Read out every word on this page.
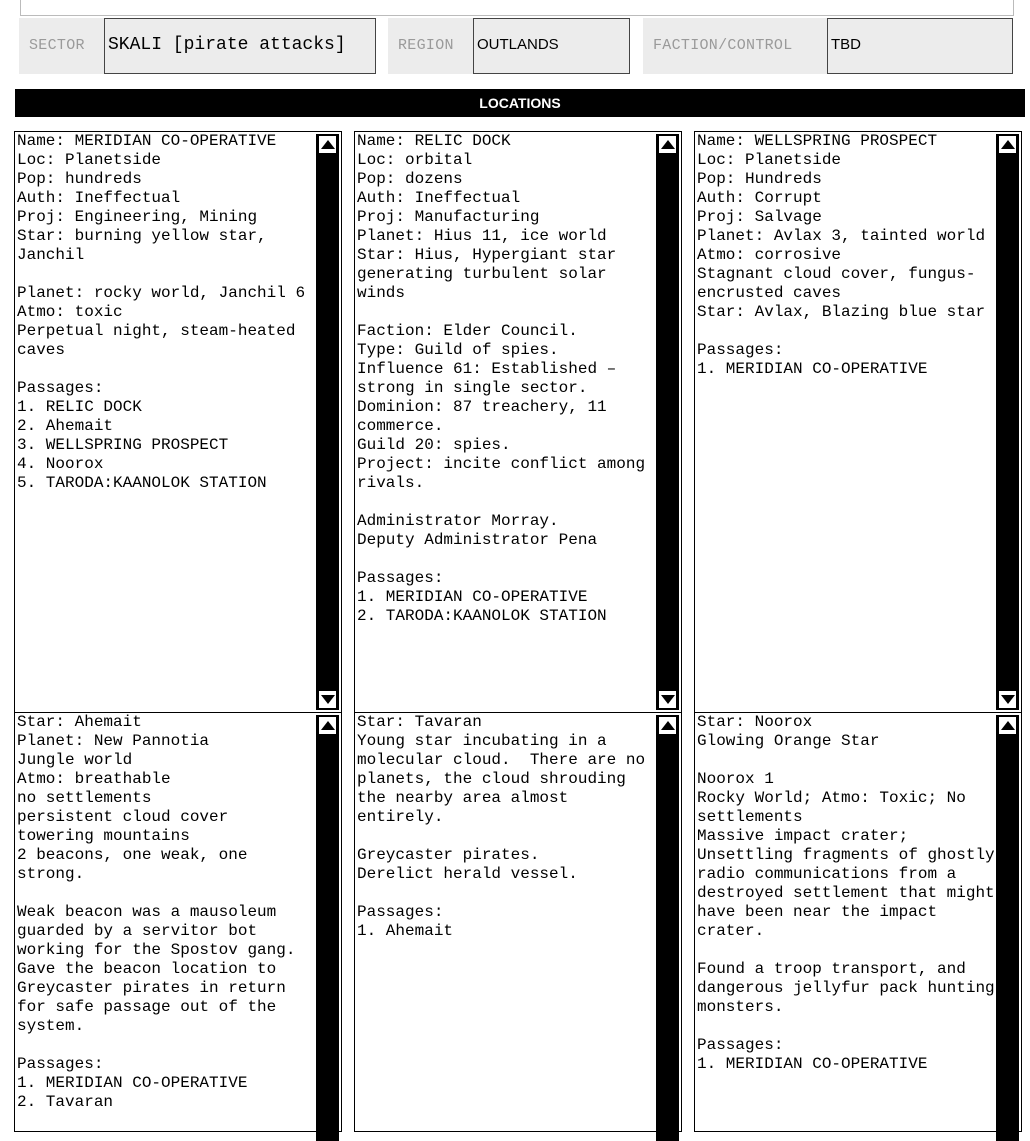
SECTOR SKALI [pirate attacks]	REGION OUTLANDS	FACTION/CONTROL	TBD
LOCATIONS
Name: MERIDIAN CO-OPERATIVE
Loc: Planetside
Pop: hundreds
Auth: Ineffectual
Proj: Engineering, Mining
Star: burning yellow star, Janchil

Planet: rocky world, Janchil 6
Atmo: toxic
Perpetual night, steam-heated caves

Passages:
1. RELIC DOCK
2. Ahemait
3. WELLSPRING PROSPECT
4. Noorox
5. TARODA:KAANOLOK STATION
Name: RELIC DOCK
Loc: orbital
Pop: dozens
Auth: Ineffectual
Proj: Manufacturing
Planet: Hius 11, ice world
Star: Hius, Hypergiant star generating turbulent solar winds

Faction: Elder Council.
Type: Guild of spies.
Influence 61: Established – strong in single sector.
Dominion: 87 treachery, 11 commerce.
Guild 20: spies.
Project: incite conflict among rivals.

Administrator Morray.
Deputy Administrator Pena

Passages:
1. MERIDIAN CO-OPERATIVE
2. TARODA:KAANOLOK STATION
Name: WELLSPRING PROSPECT
Loc: Planetside
Pop: Hundreds
Auth: Corrupt
Proj: Salvage
Planet: Avlax 3, tainted world
Atmo: corrosive
Stagnant cloud cover, fungus-encrusted caves
Star: Avlax, Blazing blue star

Passages:
1. MERIDIAN CO-OPERATIVE
Star: Ahemait
Planet: New Pannotia
Jungle world
Atmo: breathable
no settlements
persistent cloud cover
towering mountains
2 beacons, one weak, one strong.

Weak beacon was a mausoleum guarded by a servitor bot working for the Spostov gang.  Gave the beacon location to Greycaster pirates in return for safe passage out of the system.

Passages:
1. MERIDIAN CO-OPERATIVE
2. Tavaran
Star: Tavaran
Young star incubating in a molecular cloud.  There are no planets, the cloud shrouding the nearby area almost entirely.

Greycaster pirates.
Derelict herald vessel.

Passages:
1. Ahemait
Star: Noorox
Glowing Orange Star

Noorox 1
Rocky World; Atmo: Toxic; No settlements
Massive impact crater; Unsettling fragments of ghostly radio communications from a destroyed settlement that might have been near the impact crater.

Found a troop transport, and dangerous jellyfur pack hunting monsters.

Passages:
1. MERIDIAN CO-OPERATIVE
